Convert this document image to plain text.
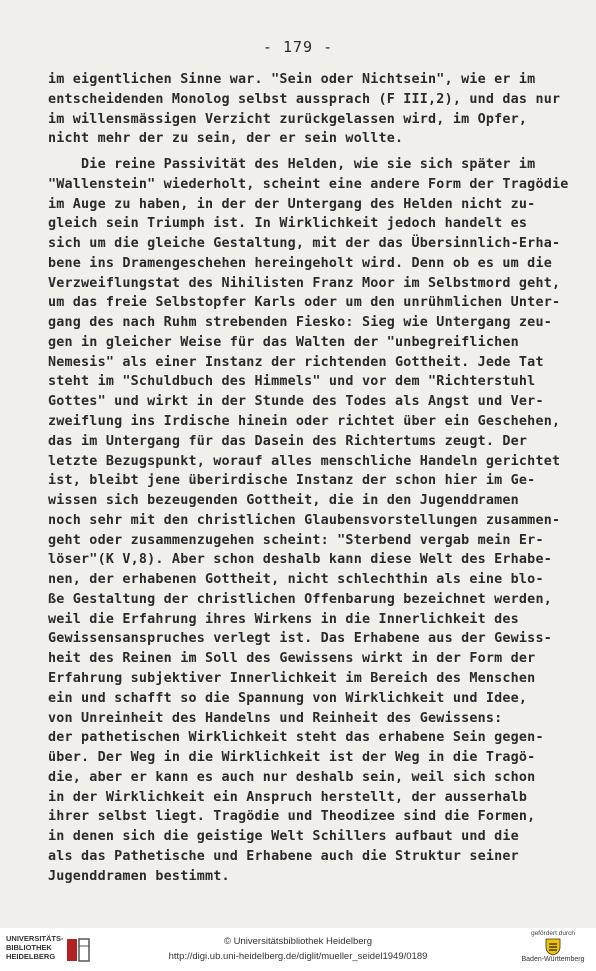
- 179 -
im eigentlichen Sinne war. "Sein oder Nichtsein", wie er im
entscheidenden Monolog selbst aussprach (F III,2), und das nur
im willensmässigen Verzicht zurückgelassen wird, im Opfer,
nicht mehr der zu sein, der er sein wollte.
Die reine Passivität des Helden, wie sie sich später im
"Wallenstein" wiederholt, scheint eine andere Form der Tragödie
im Auge zu haben, in der der Untergang des Helden nicht zu-
gleich sein Triumph ist. In Wirklichkeit jedoch handelt es
sich um die gleiche Gestaltung, mit der das Übersinnlich-Erha-
bene ins Dramengeschehen hereingeholt wird. Denn ob es um die
Verzweiflungstat des Nihilisten Franz Moor im Selbstmord geht,
um das freie Selbstopfer Karls oder um den unrühmlichen Unter-
gang des nach Ruhm strebenden Fiesko: Sieg wie Untergang zeu-
gen in gleicher Weise für das Walten der "unbegreiflichen
Nemesis" als einer Instanz der richtenden Gottheit. Jede Tat
steht im "Schuldbuch des Himmels" und vor dem "Richterstuhl
Gottes" und wirkt in der Stunde des Todes als Angst und Ver-
zweiflung ins Irdische hinein oder richtet über ein Geschehen,
das im Untergang für das Dasein des Richtertums zeugt. Der
letzte Bezugspunkt, worauf alles menschliche Handeln gerichtet
ist, bleibt jene überirdische Instanz der schon hier im Ge-
wissen sich bezeugenden Gottheit, die in den Jugenddramen
noch sehr mit den christlichen Glaubensvorstellungen zusammen-
geht oder zusammenzugehen scheint: "Sterbend vergab mein Er-
löser"(K V,8). Aber schon deshalb kann diese Welt des Erhabe-
nen, der erhabenen Gottheit, nicht schlechthin als eine blo-
ße Gestaltung der christlichen Offenbarung bezeichnet werden,
weil die Erfahrung ihres Wirkens in die Innerlichkeit des
Gewissensanspruches verlegt ist. Das Erhabene aus der Gewiss-
heit des Reinen im Soll des Gewissens wirkt in der Form der
Erfahrung subjektiver Innerlichkeit im Bereich des Menschen
ein und schafft so die Spannung von Wirklichkeit und Idee,
von Unreinheit des Handelns und Reinheit des Gewissens:
der pathetischen Wirklichkeit steht das erhabene Sein gegen-
über. Der Weg in die Wirklichkeit ist der Weg in die Tragö-
die, aber er kann es auch nur deshalb sein, weil sich schon
in der Wirklichkeit ein Anspruch herstellt, der ausserhalb
ihrer selbst liegt. Tragödie und Theodizee sind die Formen,
in denen sich die geistige Welt Schillers aufbaut und die
als das Pathetische und Erhabene auch die Struktur seiner
Jugenddramen bestimmt.
UNIVERSITÄTS-
BIBLIOTHEK
HEIDELBERG
© Universitätsbibliothek Heidelberg
http://digi.ub.uni-heidelberg.de/diglit/mueller_seidel1949/0189
gefördert durch
Baden-Württemberg
